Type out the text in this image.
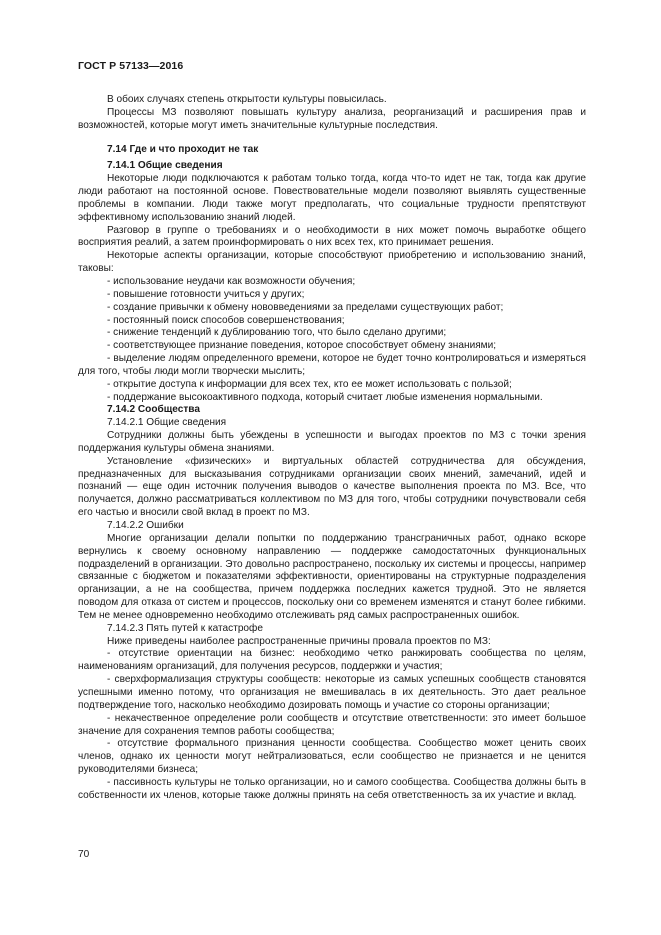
ГОСТ Р 57133—2016

В обоих случаях степень открытости культуры повысилась.

Процессы МЗ позволяют повышать культуру анализа, реорганизаций и расширения прав и возможностей, которые могут иметь значительные культурные последствия.

7.14 Где и что проходит не так
7.14.1 Общие сведения

Некоторые люди подключаются к работам только тогда, когда что-то идет не так, тогда как другие люди работают на постоянной основе. Повествовательные модели позволяют выявлять существенные проблемы в компании. Люди также могут предполагать, что социальные трудности препятствуют эффективному использованию знаний людей.

Разговор в группе о требованиях и о необходимости в них может помочь выработке общего восприятия реалий, а затем проинформировать о них всех тех, кто принимает решения.

Некоторые аспекты организации, которые способствуют приобретению и использованию знаний, таковы:

- использование неудачи как возможности обучения;

- повышение готовности учиться у других;

- создание привычки к обмену нововведениями за пределами существующих работ;

- постоянный поиск способов совершенствования;

- снижение тенденций к дублированию того, что было сделано другими;

- соответствующее признание поведения, которое способствует обмену знаниями;

- выделение людям определенного времени, которое не будет точно контролироваться и измеряться для того, чтобы люди могли творчески мыслить;

- открытие доступа к информации для всех тех, кто ее может использовать с пользой;

- поддержание высокоактивного подхода, который считает любые изменения нормальными.

7.14.2 Сообщества
7.14.2.1 Общие сведения

Сотрудники должны быть убеждены в успешности и выгодах проектов по МЗ с точки зрения поддержания культуры обмена знаниями.

Установление «физических» и виртуальных областей сотрудничества для обсуждения, предназначенных для высказывания сотрудниками организации своих мнений, замечаний, идей и познаний — еще один источник получения выводов о качестве выполнения проекта по МЗ. Все, что получается, должно рассматриваться коллективом по МЗ для того, чтобы сотрудники почувствовали себя его частью и вносили свой вклад в проект по МЗ.

7.14.2.2 Ошибки

Многие организации делали попытки по поддержанию трансграничных работ, однако вскоре вернулись к своему основному направлению — поддержке самодостаточных функциональных подразделений в организации. Это довольно распространено, поскольку их системы и процессы, например связанные с бюджетом и показателями эффективности, ориентированы на структурные подразделения организации, а не на сообщества, причем поддержка последних кажется трудной. Это не является поводом для отказа от систем и процессов, поскольку они со временем изменятся и станут более гибкими. Тем не менее одновременно необходимо отслеживать ряд самых распространенных ошибок.

7.14.2.3 Пять путей к катастрофе

Ниже приведены наиболее распространенные причины провала проектов по МЗ:

- отсутствие ориентации на бизнес: необходимо четко ранжировать сообщества по целям, наименованиям организаций, для получения ресурсов, поддержки и участия;

- сверхформализация структуры сообществ: некоторые из самых успешных сообществ становятся успешными именно потому, что организация не вмешивалась в их деятельность. Это дает реальное подтверждение того, насколько необходимо дозировать помощь и участие со стороны организации;

- некачественное определение роли сообществ и отсутствие ответственности: это имеет большое значение для сохранения темпов работы сообщества;

- отсутствие формального признания ценности сообщества. Сообщество может ценить своих членов, однако их ценности могут нейтрализоваться, если сообщество не признается и не ценится руководителями бизнеса;

- пассивность культуры не только организации, но и самого сообщества. Сообщества должны быть в собственности их членов, которые также должны принять на себя ответственность за их участие и вклад.

70
